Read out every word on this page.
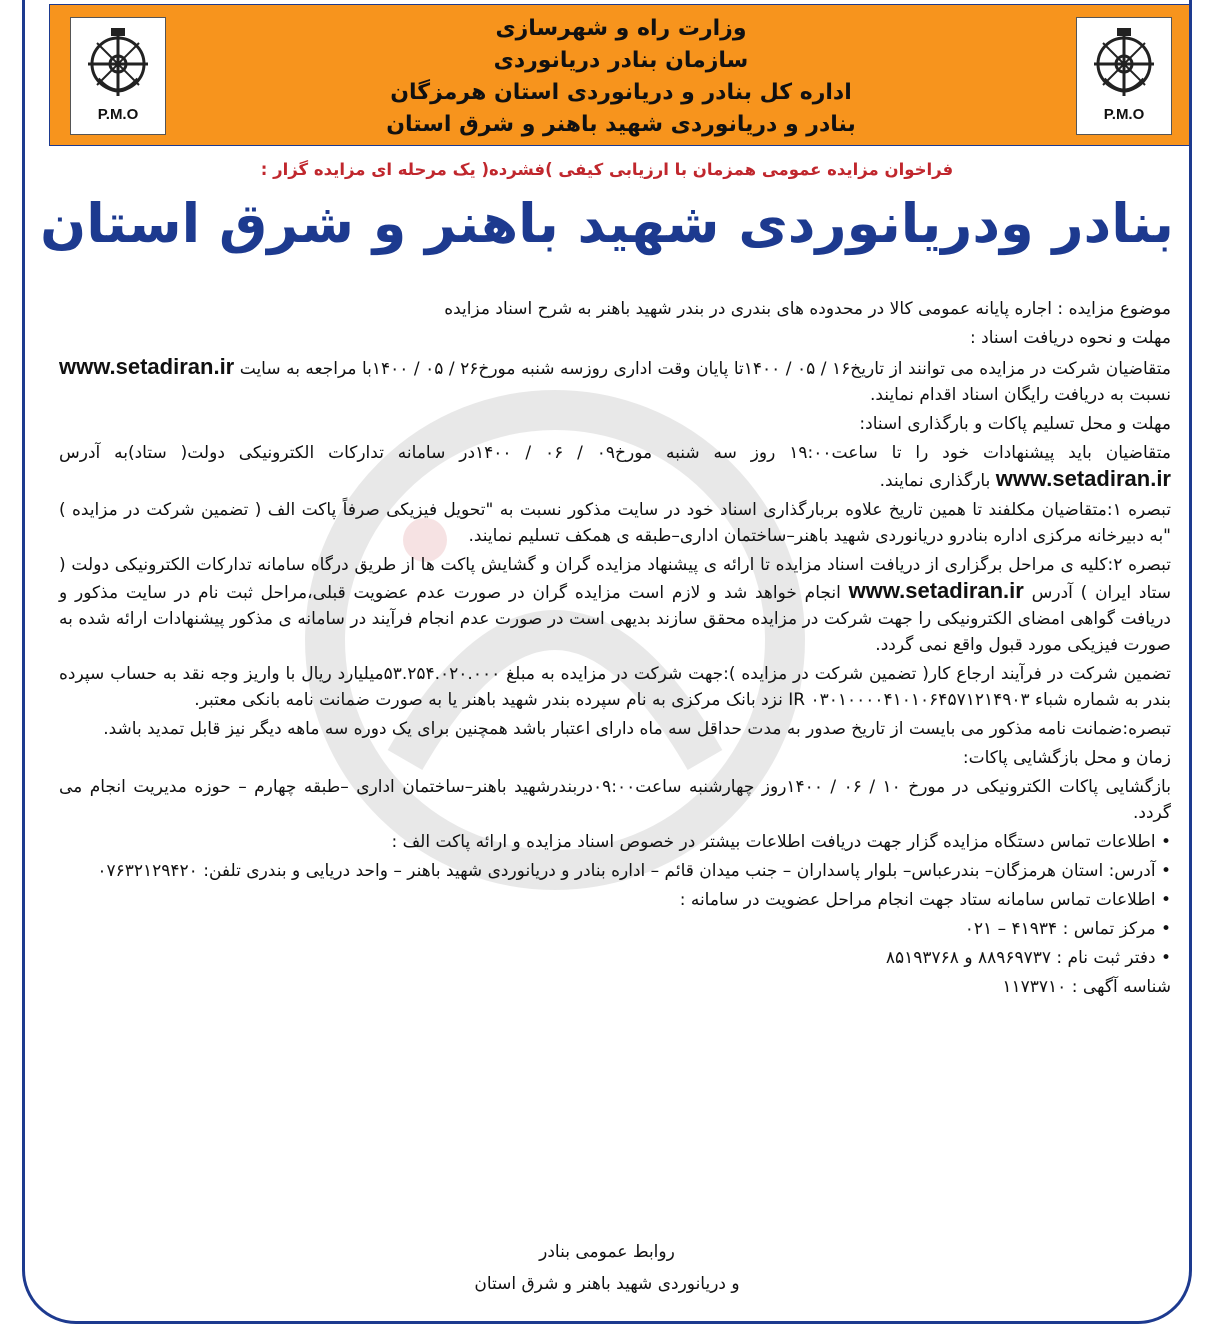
P.M.O
P.M.O
وزارت راه و شهرسازی
سازمان بنادر دریانوردی
اداره کل بنادر و دریانوردی استان هرمزگان
بنادر و دریانوردی شهید باهنر و شرق استان
فراخوان مزایده عمومی همزمان با ارزیابی کیفی )فشرده( یک مرحله ای مزایده گزار :
بنادر ودریانوردی شهید باهنر و شرق استان

موضوع مزایده : اجاره پایانه عمومی کالا در محدوده های بندری در بندر شهید باهنر به شرح اسناد مزایده

مهلت و نحوه دریافت اسناد :

متقاضیان شرکت در مزایده می توانند از تاریخ۱۶ / ۰۵ / ۱۴۰۰تا پایان وقت اداری روزسه شنبه مورخ۲۶ / ۰۵ / ۱۴۰۰با مراجعه به سایت www.setadiran.ir نسبت به دریافت رایگان اسناد اقدام نمایند.

مهلت و محل تسلیم پاکات و بارگذاری اسناد:

متقاضیان باید پیشنهادات خود را تا ساعت۱۹:۰۰ روز سه شنبه مورخ۰۹ / ۰۶ / ۱۴۰۰در سامانه تدارکات الکترونیکی دولت( ستاد)به آدرس www.setadiran.ir بارگذاری نمایند.

تبصره ۱:متقاضیان مکلفند تا همین تاریخ علاوه بربارگذاری اسناد خود در سایت مذکور نسبت به "تحویل فیزیکی صرفاً پاکت الف ( تضمین شرکت در مزایده ) "به دبیرخانه مرکزی اداره بنادرو دریانوردی شهید باهنر–ساختمان اداری–طبقه ی همکف تسلیم نمایند.

تبصره ۲:کلیه ی مراحل برگزاری از دریافت اسناد مزایده تا ارائه ی پیشنهاد مزایده گران و گشایش پاکت ها از طریق درگاه سامانه تدارکات الکترونیکی دولت ( ستاد ایران ) آدرس www.setadiran.ir انجام خواهد شد و لازم است مزایده گران در صورت عدم عضویت قبلی،مراحل ثبت نام در سایت مذکور و دریافت گواهی امضای الکترونیکی را جهت شرکت در مزایده محقق سازند بدیهی است در صورت عدم انجام فرآیند در سامانه ی مذکور پیشنهادات ارائه شده به صورت فیزیکی مورد قبول واقع نمی گردد.

تضمین شرکت در فرآیند ارجاع کار( تضمین شرکت در مزایده ):جهت شرکت در مزایده به مبلغ ۵۳.۲۵۴.۰۲۰.۰۰۰میلیارد ریال با واریز وجه نقد به حساب سپرده بندر به شماره شباء IR ۰۳۰۱۰۰۰۰۴۱۰۱۰۶۴۵۷۱۲۱۴۹۰۳ نزد بانک مرکزی به نام سپرده بندر شهید باهنر یا به صورت ضمانت نامه بانکی معتبر.

تبصره:ضمانت نامه مذکور می بایست از تاریخ صدور به مدت حداقل سه ماه دارای اعتبار باشد همچنین برای یک دوره سه ماهه دیگر نیز قابل تمدید باشد.

زمان و محل بازگشایی پاکات:

بازگشایی پاکات الکترونیکی در مورخ ۱۰ / ۰۶ / ۱۴۰۰روز چهارشنبه ساعت۰۹:۰۰دربندرشهید باهنر–ساختمان اداری –طبقه چهارم – حوزه مدیریت انجام می گردد.

• اطلاعات تماس دستگاه مزایده گزار جهت دریافت اطلاعات بیشتر در خصوص اسناد مزایده و ارائه پاکت الف :

• آدرس: استان هرمزگان– بندرعباس– بلوار پاسداران – جنب میدان قائم – اداره بنادر و دریانوردی شهید باهنر – واحد دریایی و بندری تلفن: ۰۷۶۳۲۱۲۹۴۲۰

• اطلاعات تماس سامانه ستاد جهت انجام مراحل عضویت در سامانه :

• مرکز تماس : ۴۱۹۳۴ – ۰۲۱

• دفتر ثبت نام : ۸۸۹۶۹۷۳۷ و ۸۵۱۹۳۷۶۸

شناسه آگهی : ۱۱۷۳۷۱۰

روابط عمومی بنادر
و دریانوردی شهید باهنر و شرق استان
